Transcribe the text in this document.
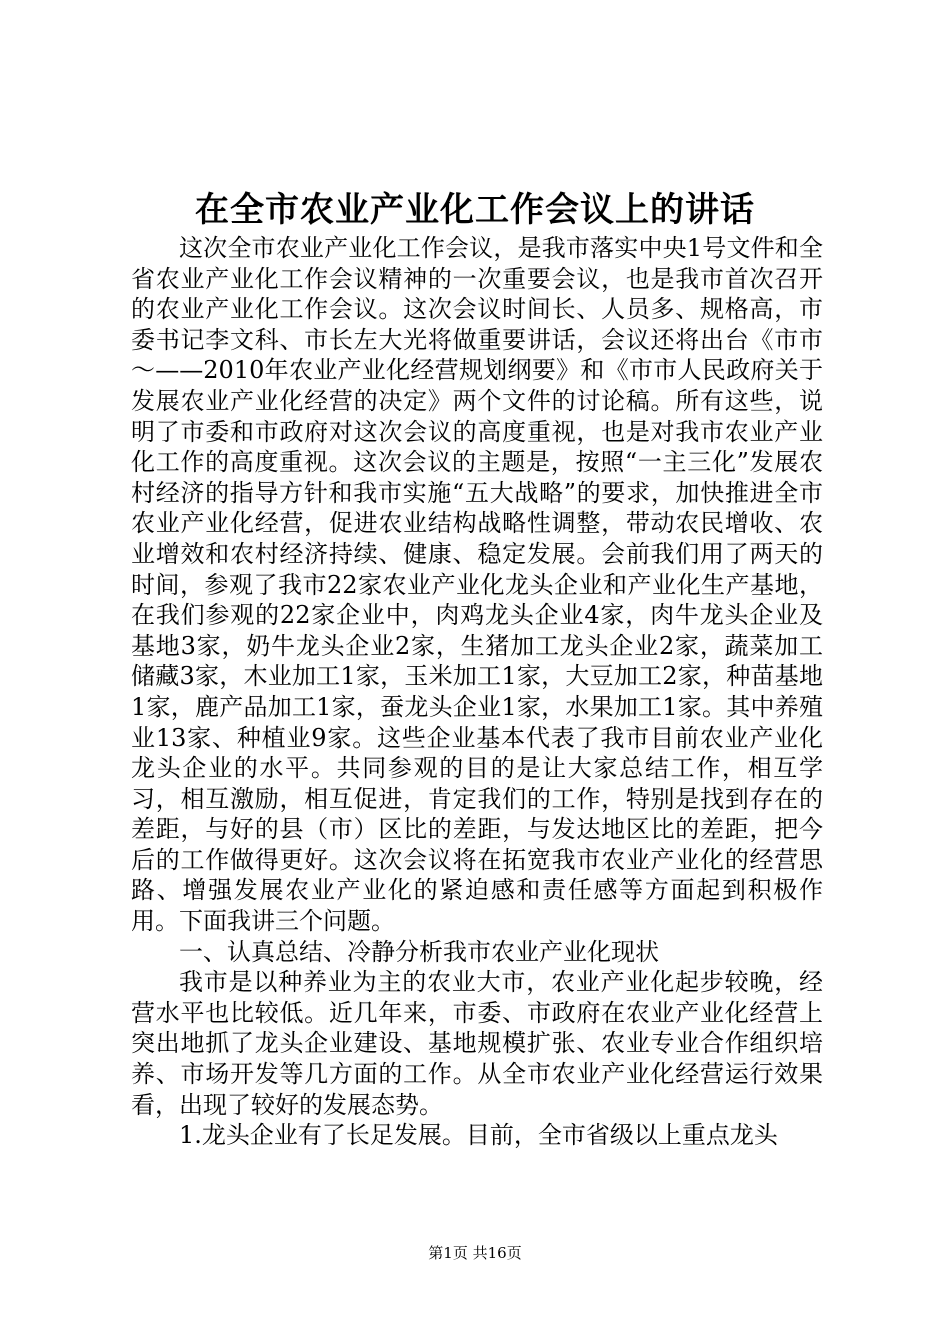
在全市农业产业化工作会议上的讲话

这次全市农业产业化工作会议，是我市落实中央1号文件和全省农业产业化工作会议精神的一次重要会议，也是我市首次召开的农业产业化工作会议。这次会议时间长、人员多、规格高，市委书记李文科、市长左大光将做重要讲话，会议还将出台《市市～——2010年农业产业化经营规划纲要》和《市市人民政府关于发展农业产业化经营的决定》两个文件的讨论稿。所有这些，说明了市委和市政府对这次会议的高度重视，也是对我市农业产业化工作的高度重视。这次会议的主题是，按照“一主三化”发展农村经济的指导方针和我市实施“五大战略”的要求，加快推进全市农业产业化经营，促进农业结构战略性调整，带动农民增收、农业增效和农村经济持续、健康、稳定发展。会前我们用了两天的时间，参观了我市22家农业产业化龙头企业和产业化生产基地，在我们参观的22家企业中，肉鸡龙头企业4家，肉牛龙头企业及基地3家，奶牛龙头企业2家，生猪加工龙头企业2家，蔬菜加工储藏3家，木业加工1家，玉米加工1家，大豆加工2家，种苗基地1家，鹿产品加工1家，蚕龙头企业1家，水果加工1家。其中养殖业13家、种植业9家。这些企业基本代表了我市目前农业产业化龙头企业的水平。共同参观的目的是让大家总结工作，相互学习，相互激励，相互促进，肯定我们的工作，特别是找到存在的差距，与好的县（市）区比的差距，与发达地区比的差距，把今后的工作做得更好。这次会议将在拓宽我市农业产业化的经营思路、增强发展农业产业化的紧迫感和责任感等方面起到积极作用。下面我讲三个问题。

一、认真总结、冷静分析我市农业产业化现状

我市是以种养业为主的农业大市，农业产业化起步较晚，经营水平也比较低。近几年来，市委、市政府在农业产业化经营上突出地抓了龙头企业建设、基地规模扩张、农业专业合作组织培养、市场开发等几方面的工作。从全市农业产业化经营运行效果看，出现了较好的发展态势。

1.龙头企业有了长足发展。目前，全市省级以上重点龙头

第1页 共16页
